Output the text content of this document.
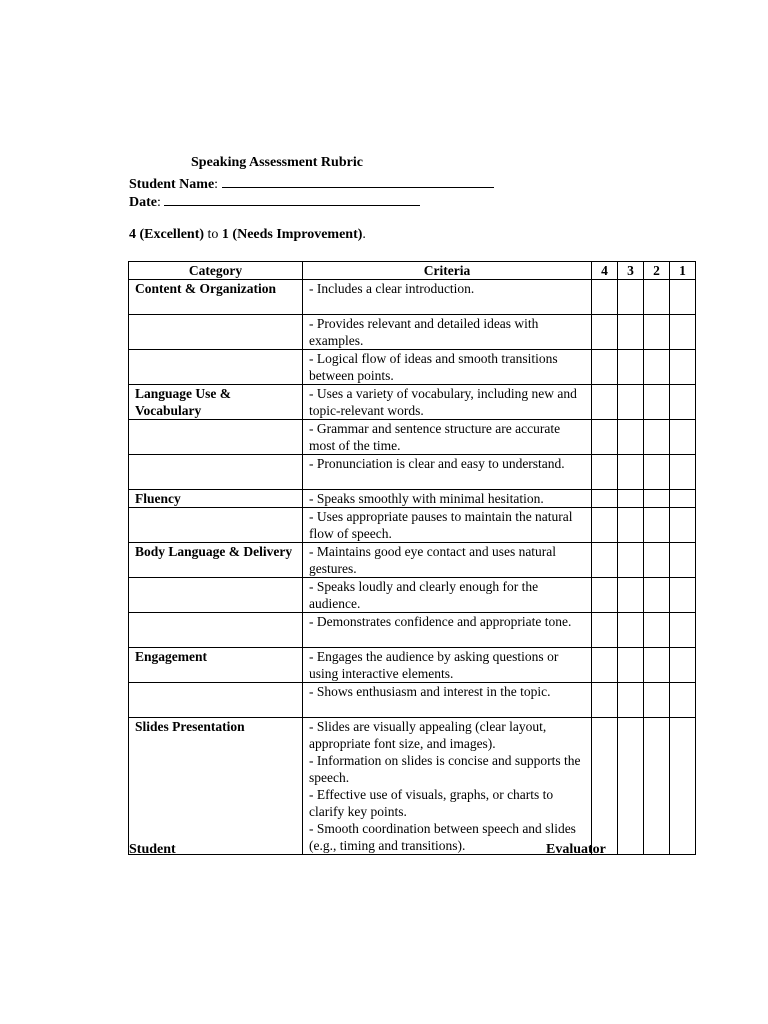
Speaking Assessment Rubric
Student Name:
Date:
4 (Excellent) to 1 (Needs Improvement).
Category	Criteria	4	3	2	1
Content & Organization	- Includes a clear introduction.				

	- Provides relevant and detailed ideas with examples.				

	- Logical flow of ideas and smooth transitions between points.				

Language Use & Vocabulary	- Uses a variety of vocabulary, including new and topic-relevant words.				

	- Grammar and sentence structure are accurate most of the time.				

	- Pronunciation is clear and easy to understand.				

Fluency	- Speaks smoothly with minimal hesitation.				

	- Uses appropriate pauses to maintain the natural flow of speech.				

Body Language & Delivery	- Maintains good eye contact and uses natural gestures.				

	- Speaks loudly and clearly enough for the audience.				

	- Demonstrates confidence and appropriate tone.				

Engagement	- Engages the audience by asking questions or using interactive elements.				

	- Shows enthusiasm and interest in the topic.				

Slides Presentation	- Slides are visually appealing (clear layout, appropriate font size, and images).
- Information on slides is concise and supports the speech.
- Effective use of visuals, graphs, or charts to clarify key points.
- Smooth coordination between speech and slides (e.g., timing and transitions).				

Student	Evaluator
